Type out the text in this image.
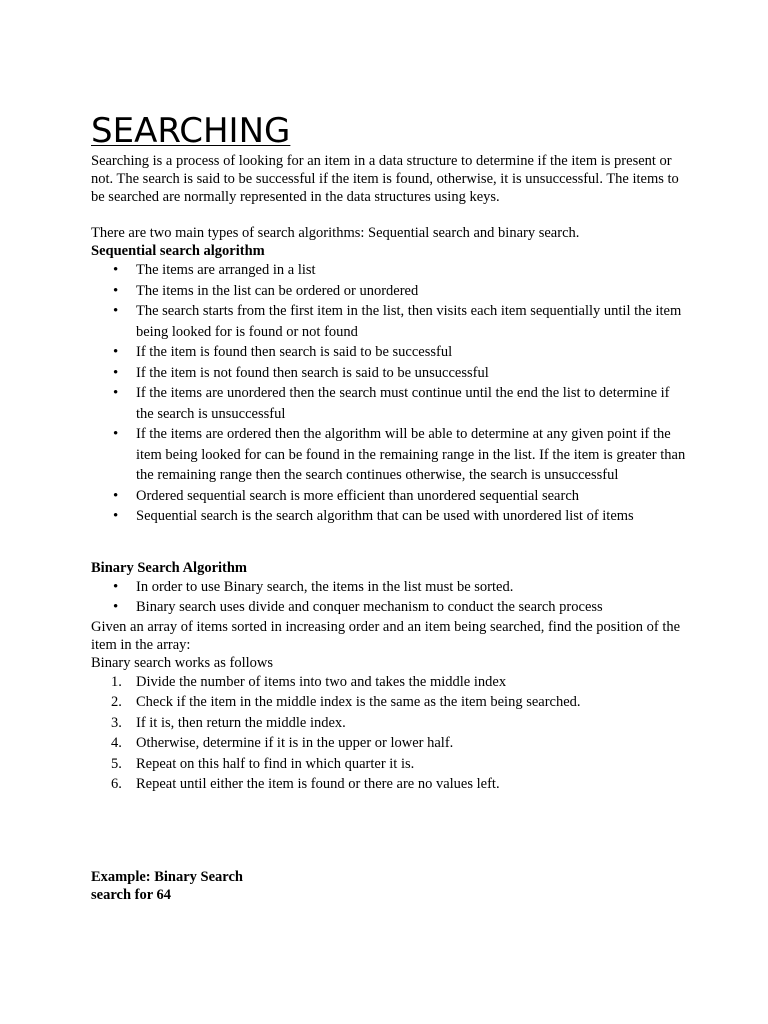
SEARCHING

Searching is a process of looking for an item in a data structure to determine if the item is present or not. The search is said to be successful if the item is found, otherwise, it is unsuccessful. The items to be searched are normally represented in the data structures using keys.

There are two main types of search algorithms: Sequential search and binary search.

Sequential search algorithm

• The items are arranged in a list
• The items in the list can be ordered or unordered
• The search starts from the first item in the list, then visits each item sequentially until the item being looked for is found or not found
• If the item is found then search is said to be successful
• If the item is not found then search is said to be unsuccessful
• If the items are unordered then the search must continue until the end the list to determine if the search is unsuccessful
• If the items are ordered then the algorithm will be able to determine at any given point if the item being looked for can be found in the remaining range in the list. If the item is greater than the remaining range then the search continues otherwise, the search is unsuccessful
• Ordered sequential search is more efficient than unordered sequential search
• Sequential search is the search algorithm that can be used with unordered list of items

Binary Search Algorithm

• In order to use Binary search, the items in the list must be sorted.
• Binary search uses divide and conquer mechanism to conduct the search process

Given an array of items sorted in increasing order and an item being searched, find the position of the item in the array:

Binary search works as follows

1. Divide the number of items into two and takes the middle index
2. Check if the item in the middle index is the same as the item being searched.
3. If it is, then return the middle index.
4. Otherwise, determine if it is in the upper or lower half.
5. Repeat on this half to find in which quarter it is.
6. Repeat until either the item is found or there are no values left.

Example: Binary Search

search for 64
